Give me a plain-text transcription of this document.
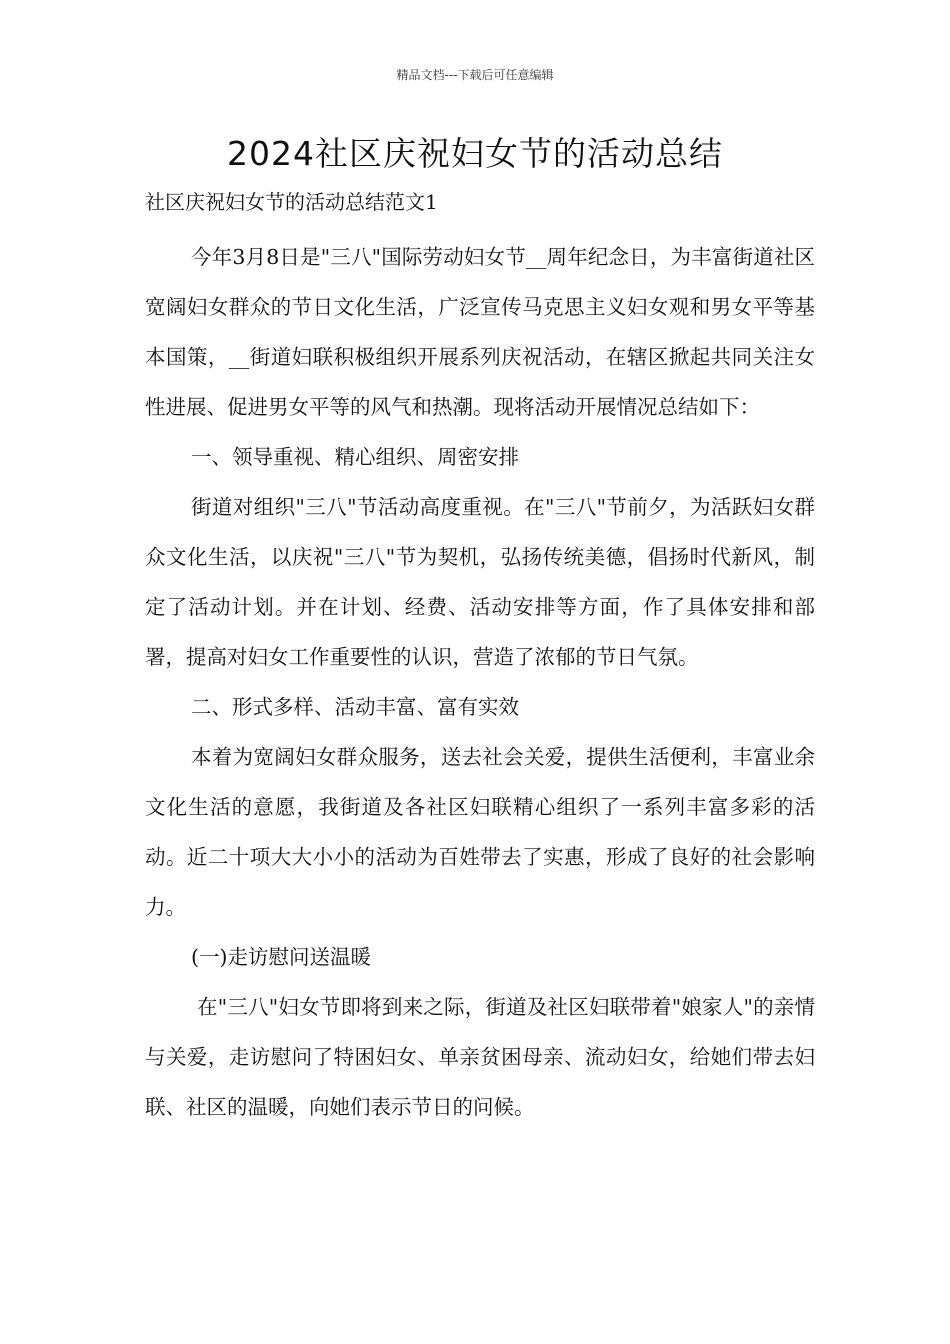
精品文档---下载后可任意编辑
2024社区庆祝妇女节的活动总结
社区庆祝妇女节的活动总结范文1

今年3月8日是"三八"国际劳动妇女节__周年纪念日，为丰富街道社区宽阔妇女群众的节日文化生活，广泛宣传马克思主义妇女观和男女平等基本国策，__街道妇联积极组织开展系列庆祝活动，在辖区掀起共同关注女性进展、促进男女平等的风气和热潮。现将活动开展情况总结如下：

一、领导重视、精心组织、周密安排

街道对组织"三八"节活动高度重视。在"三八"节前夕，为活跃妇女群众文化生活，以庆祝"三八"节为契机，弘扬传统美德，倡扬时代新风，制定了活动计划。并在计划、经费、活动安排等方面，作了具体安排和部署，提高对妇女工作重要性的认识，营造了浓郁的节日气氛。

二、形式多样、活动丰富、富有实效

本着为宽阔妇女群众服务，送去社会关爱，提供生活便利，丰富业余文化生活的意愿，我街道及各社区妇联精心组织了一系列丰富多彩的活动。近二十项大大小小的活动为百姓带去了实惠，形成了良好的社会影响力。

(一)走访慰问送温暖

在"三八"妇女节即将到来之际，街道及社区妇联带着"娘家人"的亲情与关爱，走访慰问了特困妇女、单亲贫困母亲、流动妇女，给她们带去妇联、社区的温暖，向她们表示节日的问候。
